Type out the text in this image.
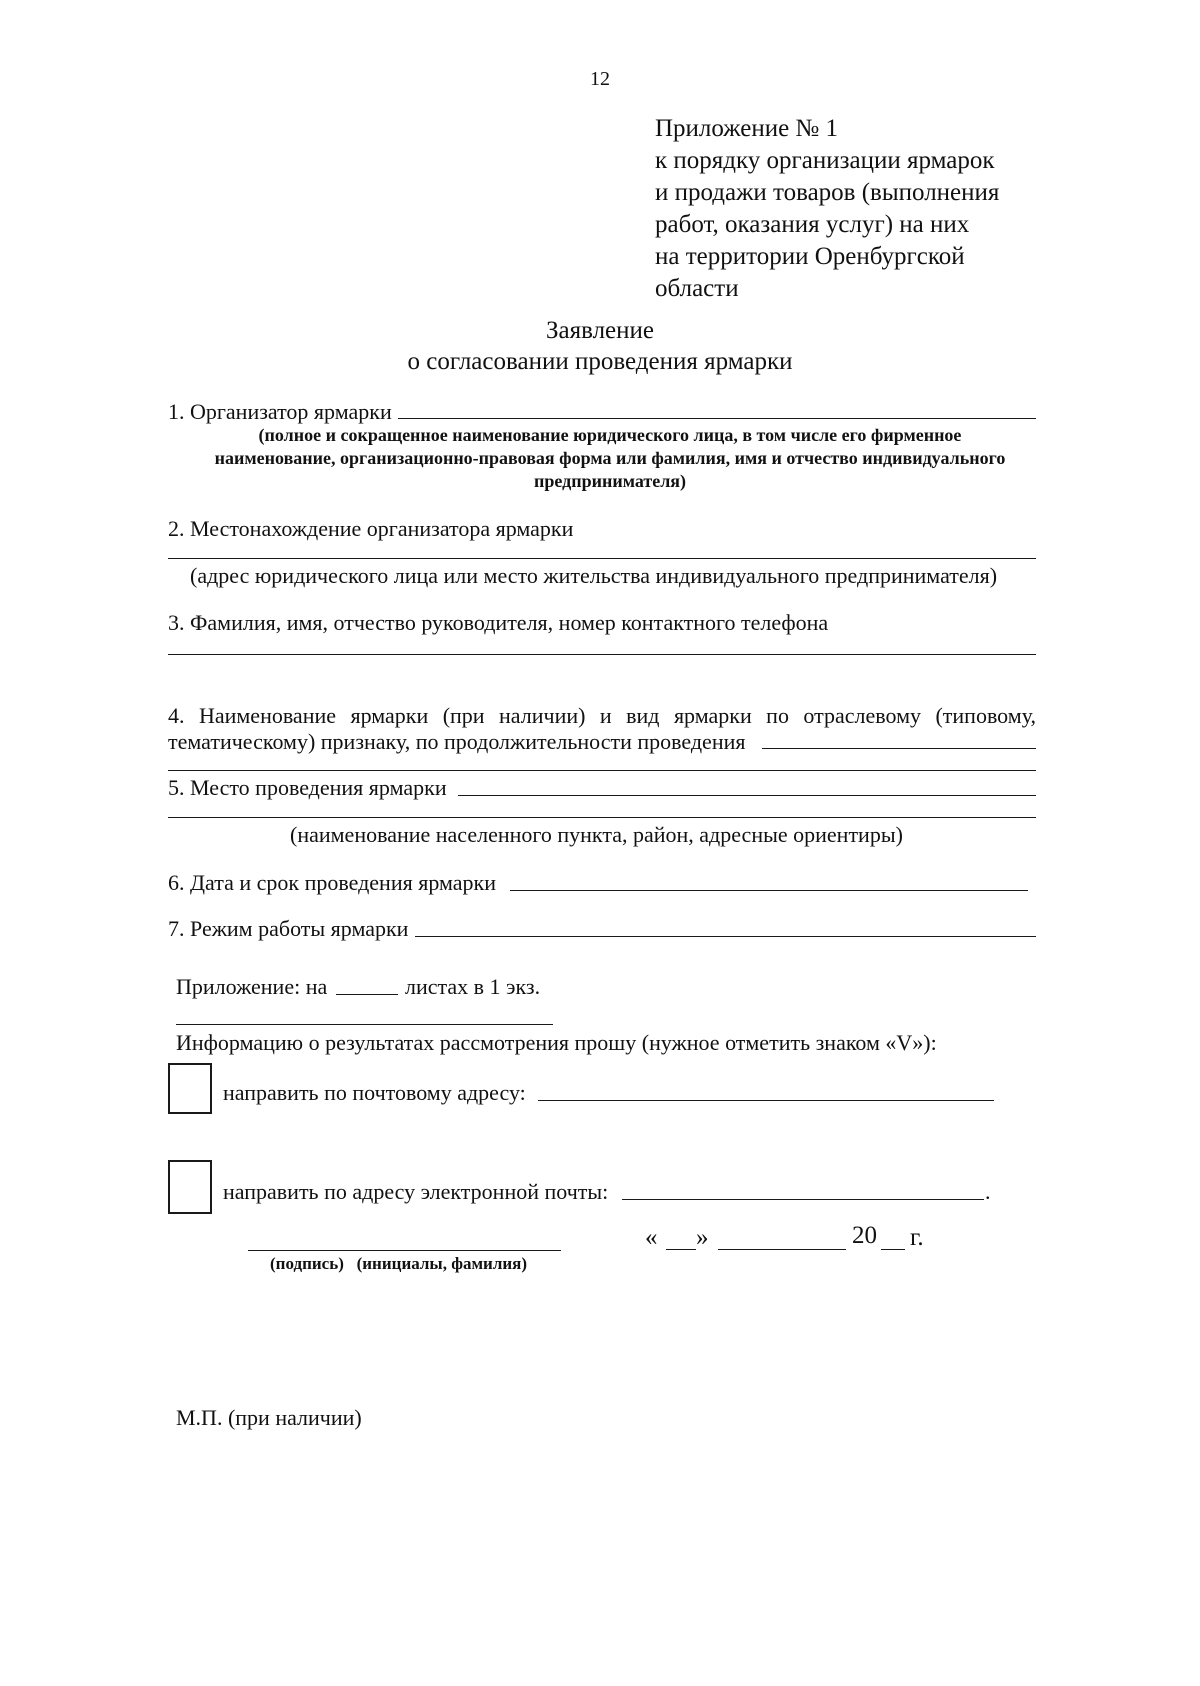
12
Приложение № 1
к порядку организации ярмарок
и продажи товаров (выполнения
работ, оказания услуг) на них
на территории Оренбургской
области
Заявление
о согласовании проведения ярмарки
1. Организатор ярмарки
(полное и сокращенное наименование юридического лица, в том числе его фирменное
наименование, организационно-правовая форма или фамилия, имя и отчество индивидуального
предпринимателя)
2. Местонахождение организатора ярмарки
(адрес юридического лица или место жительства индивидуального предпринимателя)
3. Фамилия, имя, отчество руководителя, номер контактного телефона
4. Наименование ярмарки (при наличии) и вид ярмарки по отраслевому (типовому,
тематическому) признаку, по продолжительности проведения
5. Место проведения ярмарки
(наименование населенного пункта, район, адресные ориентиры)
6. Дата и срок проведения ярмарки
7. Режим работы ярмарки
Приложение: на	листах в 1 экз.
Информацию о результатах рассмотрения прошу (нужное отметить знаком «V»):
направить по почтовому адресу:
направить по адресу электронной почты:	.
(подпись)   (инициалы, фамилия)
« »	20 г.
М.П. (при наличии)
